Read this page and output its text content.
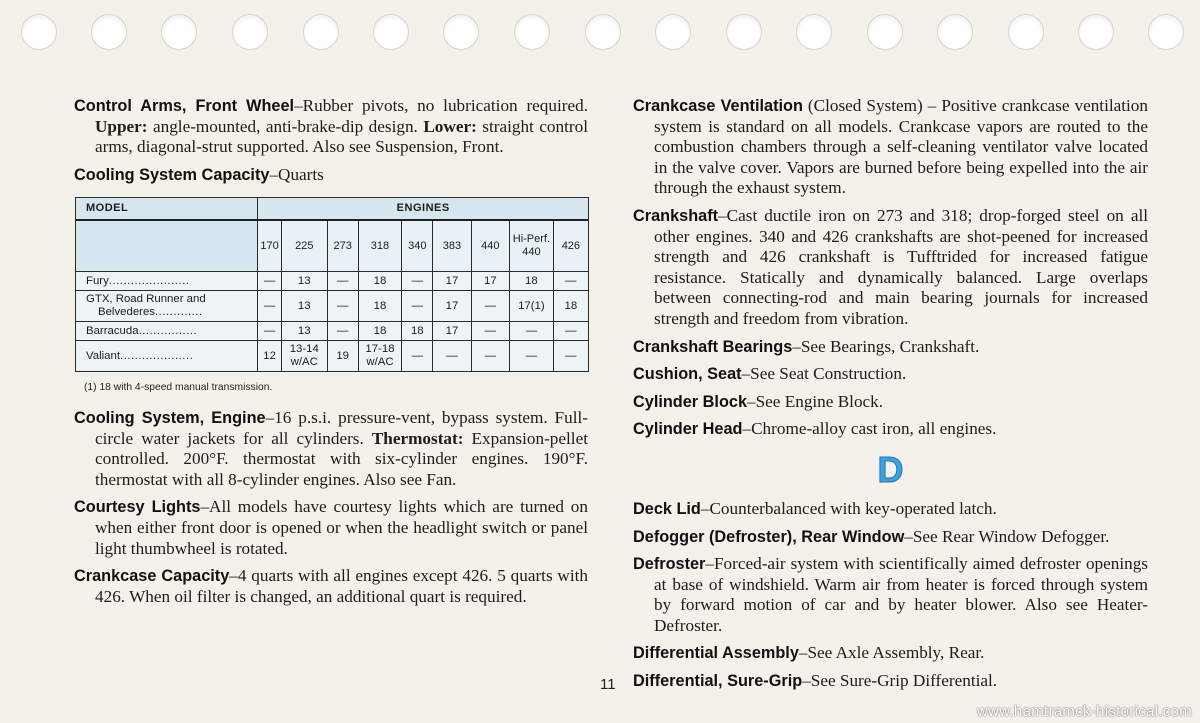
Control Arms, Front Wheel–Rubber pivots, no lubrication required. Upper: angle-mounted, anti-brake-dip design. Lower: straight control arms, diagonal-strut supported. Also see Suspension, Front.

Cooling System Capacity–Quarts

MODEL	ENGINES								
	170	225	273	318	340	383	440	Hi-Perf. 440	426
Fury......................	—	13	—	18	—	17	17	18	—
GTX, Road Runner and
Belvederes.............	—	13	—	18	—	17	—	17(1)	18
Barracuda................	—	13	—	18	18	17	—	—	—
Valiant....................	12	13-14 w/AC	19	17-18 w/AC	—	—	—	—	—
(1) 18 with 4-speed manual transmission.

Cooling System, Engine–16 p.s.i. pressure-vent, bypass system. Full-circle water jackets for all cylinders. Thermostat: Expansion-pellet controlled. 200°F. thermostat with six-cylinder engines. 190°F. thermostat with all 8-cylinder engines. Also see Fan.

Courtesy Lights–All models have courtesy lights which are turned on when either front door is opened or when the headlight switch or panel light thumbwheel is rotated.

Crankcase Capacity–4 quarts with all engines except 426. 5 quarts with 426. When oil filter is changed, an additional quart is required.

Crankcase Ventilation (Closed System) – Positive crankcase ventilation system is standard on all models. Crankcase vapors are routed to the combustion chambers through a self-cleaning ventilator valve located in the valve cover. Vapors are burned before being expelled into the air through the exhaust system.

Crankshaft–Cast ductile iron on 273 and 318; drop-forged steel on all other engines. 340 and 426 crankshafts are shot-peened for increased strength and 426 crankshaft is Tufftrided for increased fatigue resistance. Statically and dynamically balanced. Large overlaps between connecting-rod and main bearing journals for increased strength and freedom from vibration.

Crankshaft Bearings–See Bearings, Crankshaft.

Cushion, Seat–See Seat Construction.

Cylinder Block–See Engine Block.

Cylinder Head–Chrome-alloy cast iron, all engines.

D

Deck Lid–Counterbalanced with key-operated latch.

Defogger (Defroster), Rear Window–See Rear Window Defogger.

Defroster–Forced-air system with scientifically aimed defroster openings at base of windshield. Warm air from heater is forced through system by forward motion of car and by heater blower. Also see Heater-Defroster.

Differential Assembly–See Axle Assembly, Rear.

Differential, Sure-Grip–See Sure-Grip Differential.

11
www.hamtramck-historical.com
